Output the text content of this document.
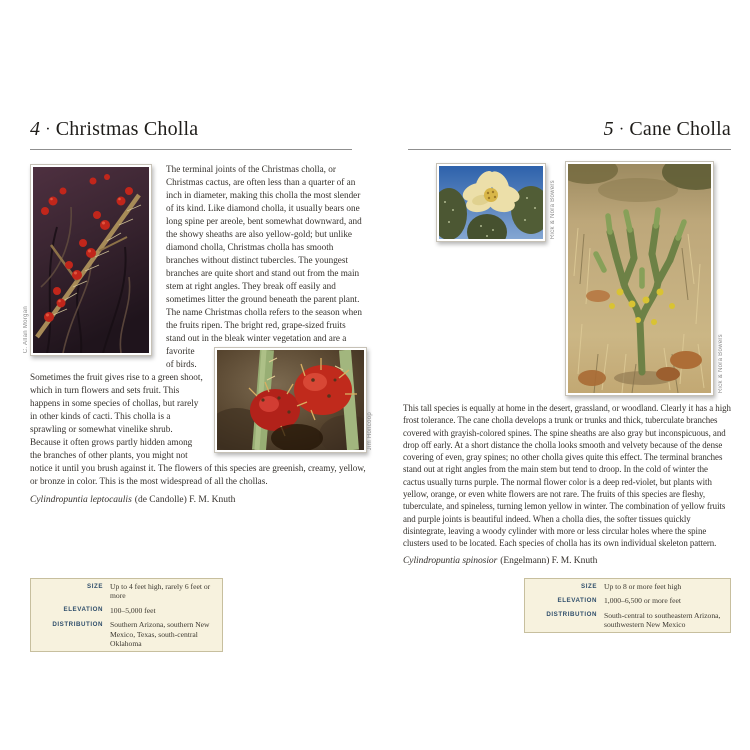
4 · Christmas Cholla
C. Allan Morgan
The terminal joints of the Christmas cholla, or Christmas cactus, are often less than a quarter of an inch in diameter, making this cholla the most slender of its kind. Like diamond cholla, it usually bears one long spine per areole, bent somewhat downward, and the showy sheaths are also yellow-gold; but unlike diamond cholla, Christmas cholla has smooth branches without distinct tubercles. The youngest branches are quite short and stand out from the main stem at right angles. They break off easily and sometimes litter the ground beneath the parent plant. The name Christmas cholla refers to the season when the fruits ripen. The bright red, grape-sized fruits stand out in the bleak winter vegetation
Jim Honcoop
and are a favorite of birds. Sometimes the fruit gives rise to a green shoot, which in turn flowers and sets fruit. This happens in some species of chollas, but rarely in other kinds of cacti. This cholla is a sprawling or somewhat vinelike shrub. Because it often grows partly hidden among the branches of other plants, you might not notice it until you brush against it. The flowers of this species are greenish, creamy, yellow, or bronze in color. This is the most widespread of all the chollas.
Cylindropuntia leptocaulis (de Candolle) F. M. Knuth
SIZE	Up to 4 feet high, rarely 6 feet or more
ELEVATION	100–5,000 feet
DISTRIBUTION	Southern Arizona, southern New Mexico, Texas, south-central Oklahoma
5 · Cane Cholla
Rick & Nora Bowers
Rick & Nora Bowers
This tall species is equally at home in the desert, grassland, or woodland. Clearly it has a high frost tolerance. The cane cholla develops a trunk or trunks and thick, tuberculate branches covered with grayish-colored spines. The spine sheaths are also gray but inconspicuous, and drop off early. At a short distance the cholla looks smooth and velvety because of the dense covering of even, gray spines; no other cholla gives quite this effect. The terminal branches stand out at right angles from the main stem but tend to droop. In the cold of winter the cactus usually turns purple. The normal flower color is a deep red-violet, but plants with yellow, orange, or even white flowers are not rare. The fruits of this species are fleshy, tuberculate, and spineless, turning lemon yellow in winter. The combination of yellow fruits and purple joints is beautiful indeed. When a cholla dies, the softer tissues quickly disintegrate, leaving a woody cylinder with more or less circular holes where the spine clusters used to be located. Each species of cholla has its own individual skeleton pattern.
Cylindropuntia spinosior (Engelmann) F. M. Knuth
SIZE	Up to 8 or more feet high
ELEVATION	1,000–6,500 or more feet
DISTRIBUTION	South-central to southeastern Arizona, southwestern New Mexico
